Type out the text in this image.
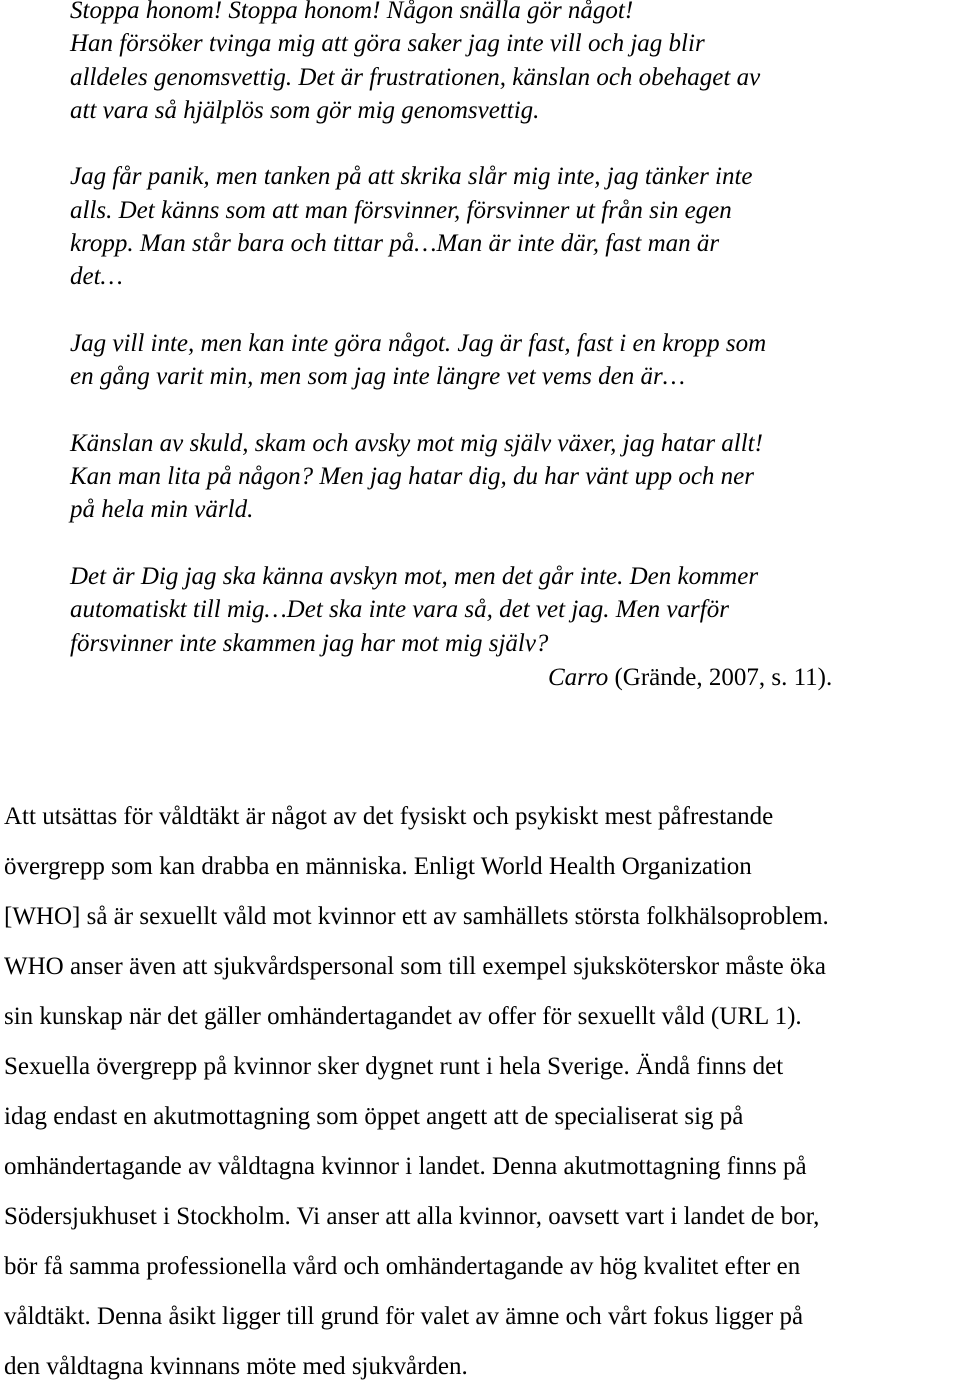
Stoppa honom! Stoppa honom! Någon snälla gör något!
Han försöker tvinga mig att göra saker jag inte vill och jag blir
alldeles genomsvettig. Det är frustrationen, känslan och obehaget av
att vara så hjälplös som gör mig genomsvettig.
Jag får panik, men tanken på att skrika slår mig inte, jag tänker inte
alls. Det känns som att man försvinner, försvinner ut från sin egen
kropp. Man står bara och tittar på…Man är inte där, fast man är
det…
Jag vill inte, men kan inte göra något. Jag är fast, fast i en kropp som
en gång varit min, men som jag inte längre vet vems den är…
Känslan av skuld, skam och avsky mot mig själv växer, jag hatar allt!
Kan man lita på någon? Men jag hatar dig, du har vänt upp och ner
på hela min värld.
Det är Dig jag ska känna avskyn mot, men det går inte. Den kommer
automatiskt till mig…Det ska inte vara så, det vet jag. Men varför
försvinner inte skammen jag har mot mig själv?
Carro (Grände, 2007, s. 11).
Att utsättas för våldtäkt är något av det fysiskt och psykiskt mest påfrestande
övergrepp som kan drabba en människa. Enligt World Health Organization
[WHO] så är sexuellt våld mot kvinnor ett av samhällets största folkhälsoproblem.
WHO anser även att sjukvårdspersonal som till exempel sjuksköterskor måste öka
sin kunskap när det gäller omhändertagandet av offer för sexuellt våld (URL 1).
Sexuella övergrepp på kvinnor sker dygnet runt i hela Sverige. Ändå finns det
idag endast en akutmottagning som öppet angett att de specialiserat sig på
omhändertagande av våldtagna kvinnor i landet. Denna akutmottagning finns på
Södersjukhuset i Stockholm. Vi anser att alla kvinnor, oavsett vart i landet de bor,
bör få samma professionella vård och omhändertagande av hög kvalitet efter en
våldtäkt. Denna åsikt ligger till grund för valet av ämne och vårt fokus ligger på
den våldtagna kvinnans möte med sjukvården.
